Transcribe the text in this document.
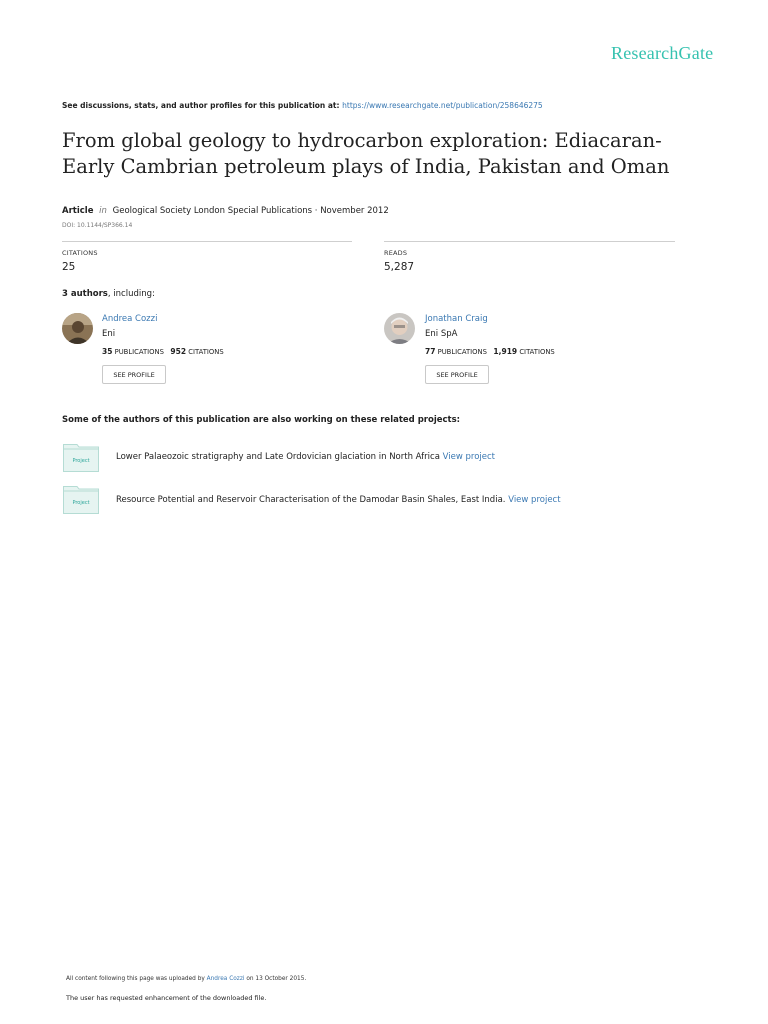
ResearchGate
See discussions, stats, and author profiles for this publication at: https://www.researchgate.net/publication/258646275
From global geology to hydrocarbon exploration: Ediacaran-
Early Cambrian petroleum plays of India, Pakistan and Oman
Article in Geological Society London Special Publications · November 2012
DOI: 10.1144/SP366.14
CITATIONS
25
READS
5,287
3 authors, including:
Andrea Cozzi
Eni
35 PUBLICATIONS 952 CITATIONS
SEE PROFILE
Jonathan Craig
Eni SpA
77 PUBLICATIONS 1,919 CITATIONS
SEE PROFILE
Some of the authors of this publication are also working on these related projects:
Project	Lower Palaeozoic stratigraphy and Late Ordovician glaciation in North Africa View project
Project	Resource Potential and Reservoir Characterisation of the Damodar Basin Shales, East India. View project
All content following this page was uploaded by Andrea Cozzi on 13 October 2015.
The user has requested enhancement of the downloaded file.
